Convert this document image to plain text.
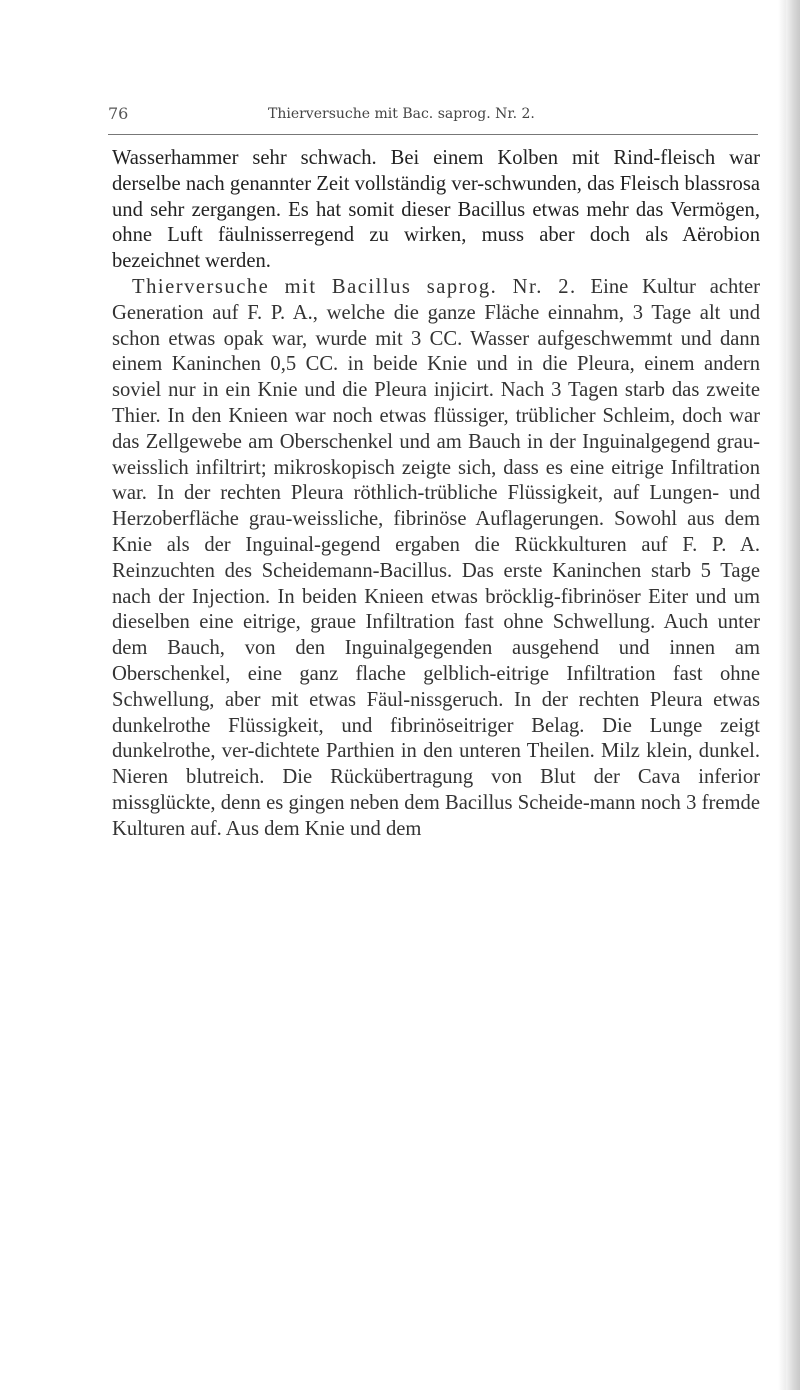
76	Thierversuche mit Bac. saprog. Nr. 2.

Wasserhammer sehr schwach. Bei einem Kolben mit Rind-fleisch war derselbe nach genannter Zeit vollständig ver-schwunden, das Fleisch blassrosa und sehr zergangen. Es hat somit dieser Bacillus etwas mehr das Vermögen, ohne Luft fäulnisserregend zu wirken, muss aber doch als Aërobion bezeichnet werden.

Thierversuche mit Bacillus saprog. Nr. 2. Eine Kultur achter Generation auf F. P. A., welche die ganze Fläche einnahm, 3 Tage alt und schon etwas opak war, wurde mit 3 CC. Wasser aufgeschwemmt und dann einem Kaninchen 0,5 CC. in beide Knie und in die Pleura, einem andern soviel nur in ein Knie und die Pleura injicirt. Nach 3 Tagen starb das zweite Thier. In den Knieen war noch etwas flüssiger, trüblicher Schleim, doch war das Zellgewebe am Oberschenkel und am Bauch in der Inguinalgegend grau-weisslich infiltrirt; mikroskopisch zeigte sich, dass es eine eitrige Infiltration war. In der rechten Pleura röthlich-trübliche Flüssigkeit, auf Lungen- und Herzoberfläche grau-weissliche, fibrinöse Auflagerungen. Sowohl aus dem Knie als der Inguinal-gegend ergaben die Rückkulturen auf F. P. A. Reinzuchten des Scheidemann-Bacillus. Das erste Kaninchen starb 5 Tage nach der Injection. In beiden Knieen etwas bröcklig-fibrinöser Eiter und um dieselben eine eitrige, graue Infiltration fast ohne Schwellung. Auch unter dem Bauch, von den Inguinalgegenden ausgehend und innen am Oberschenkel, eine ganz flache gelblich-eitrige Infiltration fast ohne Schwellung, aber mit etwas Fäul-nissgeruch. In der rechten Pleura etwas dunkelrothe Flüssigkeit, und fibrinöseitriger Belag. Die Lunge zeigt dunkelrothe, ver-dichtete Parthien in den unteren Theilen. Milz klein, dunkel. Nieren blutreich. Die Rückübertragung von Blut der Cava inferior missglückte, denn es gingen neben dem Bacillus Scheide-mann noch 3 fremde Kulturen auf. Aus dem Knie und dem
